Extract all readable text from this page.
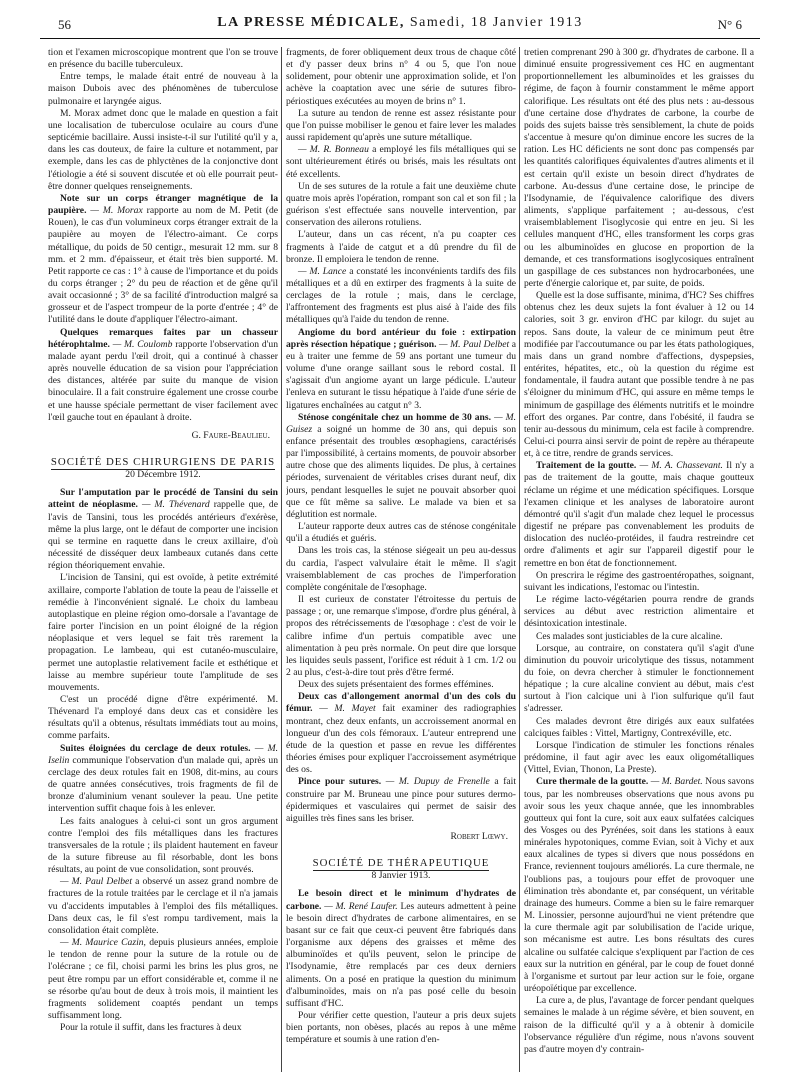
56	LA PRESSE MÉDICALE, Samedi, 18 Janvier 1913	N° 6

tion et l'examen microscopique montrent que l'on se trouve en présence du bacille tuberculeux.

Entre temps, le malade était entré de nouveau à la maison Dubois avec des phénomènes de tuberculose pulmonaire et laryngée aigus.

M. Morax admet donc que le malade en question a fait une localisation de tuberculose oculaire au cours d'une septicémie bacillaire. Aussi insiste-t-il sur l'utilité qu'il y a, dans les cas douteux, de faire la culture et notamment, par exemple, dans les cas de phlyctènes de la conjonctive dont l'étiologie a été si souvent discutée et où elle pourrait peut-être donner quelques renseignements.

Note sur un corps étranger magnétique de la paupière. — M. Morax rapporte au nom de M. Petit (de Rouen), le cas d'un volumineux corps étranger extrait de la paupière au moyen de l'électro-aimant. Ce corps métallique, du poids de 50 centigr., mesurait 12 mm. sur 8 mm. et 2 mm. d'épaisseur, et était très bien supporté. M. Petit rapporte ce cas : 1° à cause de l'importance et du poids du corps étranger ; 2° du peu de réaction et de gêne qu'il avait occasionné ; 3° de sa facilité d'introduction malgré sa grosseur et de l'aspect trompeur de la porte d'entrée ; 4° de l'utilité dans le doute d'appliquer l'électro-aimant.

Quelques remarques faites par un chasseur hétérophtalme. — M. Coulomb rapporte l'observation d'un malade ayant perdu l'œil droit, qui a continué à chasser après nouvelle éducation de sa vision pour l'appréciation des distances, altérée par suite du manque de vision binoculaire. Il a fait construire également une crosse courbe et une hausse spéciale permettant de viser facilement avec l'œil gauche tout en épaulant à droite.

G. Faure-Beaulieu.

SOCIÉTÉ DES CHIRURGIENS DE PARIS
20 Décembre 1912.

Sur l'amputation par le procédé de Tansini du sein atteint de néoplasme. — M. Thévenard rappelle que, de l'avis de Tansini, tous les procédés antérieurs d'exérèse, même la plus large, ont le défaut de comporter une incision qui se termine en raquette dans le creux axillaire, d'où nécessité de disséquer deux lambeaux cutanés dans cette région théoriquement envahie.

L'incision de Tansini, qui est ovoïde, à petite extrémité axillaire, comporte l'ablation de toute la peau de l'aisselle et remédie à l'inconvénient signalé. Le choix du lambeau autoplastique en pleine région omo-dorsale a l'avantage de faire porter l'incision en un point éloigné de la région néoplasique et vers lequel se fait très rarement la propagation. Le lambeau, qui est cutanéo-musculaire, permet une autoplastie relativement facile et esthétique et laisse au membre supérieur toute l'amplitude de ses mouvements.

C'est un procédé digne d'être expérimenté. M. Thévenard l'a employé dans deux cas et considère les résultats qu'il a obtenus, résultats immédiats tout au moins, comme parfaits.

Suites éloignées du cerclage de deux rotules. — M. Iselin communique l'observation d'un malade qui, après un cerclage des deux rotules fait en 1908, dit-mins, au cours de quatre années consécutives, trois fragments de fil de bronze d'aluminium venant soulever la peau. Une petite intervention suffit chaque fois à les enlever.

Les faits analogues à celui-ci sont un gros argument contre l'emploi des fils métalliques dans les fractures transversales de la rotule ; ils plaident hautement en faveur de la suture fibreuse au fil résorbable, dont les bons résultats, au point de vue consolidation, sont prouvés.

— M. Paul Delbet a observé un assez grand nombre de fractures de la rotule traitées par le cerclage et il n'a jamais vu d'accidents imputables à l'emploi des fils métalliques. Dans deux cas, le fil s'est rompu tardivement, mais la consolidation était complète.

— M. Maurice Cazin, depuis plusieurs années, emploie le tendon de renne pour la suture de la rotule ou de l'olécrane ; ce fil, choisi parmi les brins les plus gros, ne peut être rompu par un effort considérable et, comme il ne se résorbe qu'au bout de deux à trois mois, il maintient les fragments solidement coaptés pendant un temps suffisamment long.

Pour la rotule il suffit, dans les fractures à deux

fragments, de forer obliquement deux trous de chaque côté et d'y passer deux brins n° 4 ou 5, que l'on noue solidement, pour obtenir une approximation solide, et l'on achève la coaptation avec une série de sutures fibro-périostiques exécutées au moyen de brins n° 1.

La suture au tendon de renne est assez résistante pour que l'on puisse mobiliser le genou et faire lever les malades aussi rapidement qu'après une suture métallique.

— M. R. Bonneau a employé les fils métalliques qui se sont ultérieurement étirés ou brisés, mais les résultats ont été excellents.

Un de ses sutures de la rotule a fait une deuxième chute quatre mois après l'opération, rompant son cal et son fil ; la guérison s'est effectuée sans nouvelle intervention, par conservation des ailerons rotuliens.

L'auteur, dans un cas récent, n'a pu coapter ces fragments à l'aide de catgut et a dû prendre du fil de bronze. Il emploiera le tendon de renne.

— M. Lance a constaté les inconvénients tardifs des fils métalliques et a dû en extirper des fragments à la suite de cerclages de la rotule ; mais, dans le cerclage, l'affrontement des fragments est plus aisé à l'aide des fils métalliques qu'à l'aide du tendon de renne.

Angiome du bord antérieur du foie : extirpation après résection hépatique ; guérison. — M. Paul Delbet a eu à traiter une femme de 59 ans portant une tumeur du volume d'une orange saillant sous le rebord costal. Il s'agissait d'un angiome ayant un large pédicule. L'auteur l'enleva en suturant le tissu hépatique à l'aide d'une série de ligatures enchaînées au catgut n° 3.

Sténose congénitale chez un homme de 30 ans. — M. Guisez a soigné un homme de 30 ans, qui depuis son enfance présentait des troubles œsophagiens, caractérisés par l'impossibilité, à certains moments, de pouvoir absorber autre chose que des aliments liquides. De plus, à certaines périodes, survenaient de véritables crises durant neuf, dix jours, pendant lesquelles le sujet ne pouvait absorber quoi que ce fût même sa salive. Le malade va bien et sa déglutition est normale.

L'auteur rapporte deux autres cas de sténose congénitale qu'il a étudiés et guéris.

Dans les trois cas, la sténose siégeait un peu au-dessus du cardia, l'aspect valvulaire était le même. Il s'agit vraisemblablement de cas proches de l'imperforation complète congénitale de l'œsophage.

Il est curieux de constater l'étroitesse du pertuis de passage ; or, une remarque s'impose, d'ordre plus général, à propos des rétrécissements de l'œsophage : c'est de voir le calibre infime d'un pertuis compatible avec une alimentation à peu près normale. On peut dire que lorsque les liquides seuls passent, l'orifice est réduit à 1 cm. 1/2 ou 2 au plus, c'est-à-dire tout près d'être fermé.

Deux des sujets présentaient des formes effémines.

Deux cas d'allongement anormal d'un des cols du fémur. — M. Mayet fait examiner des radiographies montrant, chez deux enfants, un accroissement anormal en longueur d'un des cols fémoraux. L'auteur entreprend une étude de la question et passe en revue les différentes théories émises pour expliquer l'accroissement asymétrique des os.

Pince pour sutures. — M. Dupuy de Frenelle a fait construire par M. Bruneau une pince pour sutures dermo-épidermiques et vasculaires qui permet de saisir des aiguilles très fines sans les briser.

Robert Lœwy.

SOCIÉTÉ DE THÉRAPEUTIQUE
8 Janvier 1913.

Le besoin direct et le minimum d'hydrates de carbone. — M. René Laufer. Les auteurs admettent à peine le besoin direct d'hydrates de carbone alimentaires, en se basant sur ce fait que ceux-ci peuvent être fabriqués dans l'organisme aux dépens des graisses et même des albuminoïdes et qu'ils peuvent, selon le principe de l'Isodynamie, être remplacés par ces deux derniers aliments. On a posé en pratique la question du minimum d'albuminoïdes, mais on n'a pas posé celle du besoin suffisant d'HC.

Pour vérifier cette question, l'auteur a pris deux sujets bien portants, non obèses, placés au repos à une même température et soumis à une ration d'en-

tretien comprenant 290 à 300 gr. d'hydrates de carbone. Il a diminué ensuite progressivement ces HC en augmentant proportionnellement les albuminoïdes et les graisses du régime, de façon à fournir constamment le même apport calorifique. Les résultats ont été des plus nets : au-dessous d'une certaine dose d'hydrates de carbone, la courbe de poids des sujets baisse très sensiblement, la chute de poids s'accentue à mesure qu'on diminue encore les sucres de la ration. Les HC déficients ne sont donc pas compensés par les quantités calorifiques équivalentes d'autres aliments et il est certain qu'il existe un besoin direct d'hydrates de carbone. Au-dessus d'une certaine dose, le principe de l'Isodynamie, de l'équivalence calorifique des divers aliments, s'applique parfaitement ; au-dessous, c'est vraisemblablement l'isoglycosie qui entre en jeu. Si les cellules manquent d'HC, elles transforment les corps gras ou les albuminoïdes en glucose en proportion de la demande, et ces transformations isoglycosiques entraînent un gaspillage de ces substances non hydrocarbonées, une perte d'énergie calorique et, par suite, de poids.

Quelle est la dose suffisante, minima, d'HC? Ses chiffres obtenus chez les deux sujets la font évaluer à 12 ou 14 calories, soit 3 gr. environ d'HC par kilogr. du sujet au repos. Sans doute, la valeur de ce minimum peut être modifiée par l'accoutumance ou par les états pathologiques, mais dans un grand nombre d'affections, dyspepsies, entérites, hépatites, etc., où la question du régime est fondamentale, il faudra autant que possible tendre à ne pas s'éloigner du minimum d'HC, qui assure en même temps le minimum de gaspillage des éléments nutritifs et le moindre effort des organes. Par contre, dans l'obésité, il faudra se tenir au-dessous du minimum, cela est facile à comprendre. Celui-ci pourra ainsi servir de point de repère au thérapeute et, à ce titre, rendre de grands services.

Traitement de la goutte. — M. A. Chassevant. Il n'y a pas de traitement de la goutte, mais chaque goutteux réclame un régime et une médication spécifiques. Lorsque l'examen clinique et les analyses de laboratoire auront démontré qu'il s'agit d'un malade chez lequel le processus digestif ne prépare pas convenablement les produits de dislocation des nucléo-protéides, il faudra restreindre cet ordre d'aliments et agir sur l'appareil digestif pour le remettre en bon état de fonctionnement.

On prescrira le régime des gastroentéropathes, soignant, suivant les indications, l'estomac ou l'intestin.

Le régime lacto-végétarien pourra rendre de grands services au début avec restriction alimentaire et désintoxication intestinale.

Ces malades sont justiciables de la cure alcaline.

Lorsque, au contraire, on constatera qu'il s'agit d'une diminution du pouvoir uricolytique des tissus, notamment du foie, on devra chercher à stimuler le fonctionnement hépatique ; la cure alcaline convient au début, mais c'est surtout à l'ion calcique uni à l'ion sulfurique qu'il faut s'adresser.

Ces malades devront être dirigés aux eaux sulfatées calciques faibles : Vittel, Martigny, Contrexéville, etc.

Lorsque l'indication de stimuler les fonctions rénales prédomine, il faut agir avec les eaux oligométalliques (Vittel, Evian, Thonon, La Preste).

Cure thermale de la goutte. — M. Bardet. Nous savons tous, par les nombreuses observations que nous avons pu avoir sous les yeux chaque année, que les innombrables goutteux qui font la cure, soit aux eaux sulfatées calciques des Vosges ou des Pyrénées, soit dans les stations à eaux minérales hypotoniques, comme Evian, soit à Vichy et aux eaux alcalines de types si divers que nous possédons en France, reviennent toujours améliorés. La cure thermale, ne l'oublions pas, a toujours pour effet de provoquer une élimination très abondante et, par conséquent, un véritable drainage des humeurs. Comme a bien su le faire remarquer M. Linossier, personne aujourd'hui ne vient prétendre que la cure thermale agit par solubilisation de l'acide urique, son mécanisme est autre. Les bons résultats des cures alcaline ou sulfatée calcique s'expliquent par l'action de ces eaux sur la nutrition en général, par le coup de fouet donné à l'organisme et surtout par leur action sur le foie, organe uréopoïétique par excellence.

La cure a, de plus, l'avantage de forcer pendant quelques semaines le malade à un régime sévère, et bien souvent, en raison de la difficulté qu'il y a à obtenir à domicile l'observance régulière d'un régime, nous n'avons souvent pas d'autre moyen d'y contrain-
